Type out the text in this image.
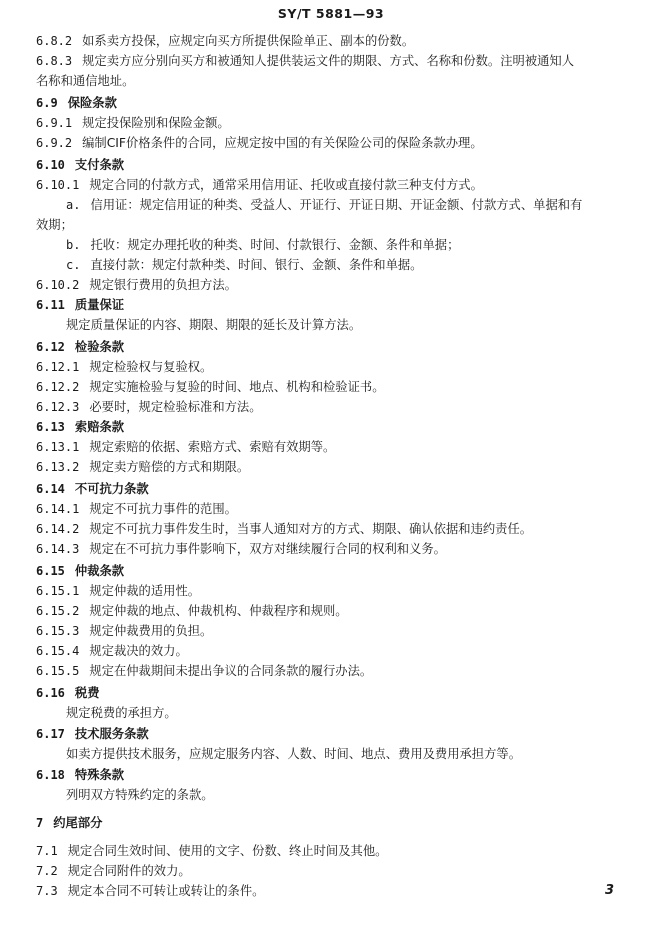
SY/T 5881—93
6.8.2 如系卖方投保，应规定向买方所提供保险单正、副本的份数。
6.8.3 规定卖方应分别向买方和被通知人提供装运文件的期限、方式、名称和份数。注明被通知人
名称和通信地址。
6.9 保险条款
6.9.1 规定投保险别和保险金额。
6.9.2 编制CIF价格条件的合同，应规定按中国的有关保险公司的保险条款办理。
6.10 支付条款
6.10.1 规定合同的付款方式，通常采用信用证、托收或直接付款三种支付方式。
a. 信用证：规定信用证的种类、受益人、开证行、开证日期、开证金额、付款方式、单据和有
效期；
b. 托收：规定办理托收的种类、时间、付款银行、金额、条件和单据；
c. 直接付款：规定付款种类、时间、银行、金额、条件和单据。
6.10.2 规定银行费用的负担方法。
6.11 质量保证
规定质量保证的内容、期限、期限的延长及计算方法。
6.12 检验条款
6.12.1 规定检验权与复验权。
6.12.2 规定实施检验与复验的时间、地点、机构和检验证书。
6.12.3 必要时，规定检验标准和方法。
6.13 索赔条款
6.13.1 规定索赔的依据、索赔方式、索赔有效期等。
6.13.2 规定卖方赔偿的方式和期限。
6.14 不可抗力条款
6.14.1 规定不可抗力事件的范围。
6.14.2 规定不可抗力事件发生时，当事人通知对方的方式、期限、确认依据和违约责任。
6.14.3 规定在不可抗力事件影响下，双方对继续履行合同的权利和义务。
6.15 仲裁条款
6.15.1 规定仲裁的适用性。
6.15.2 规定仲裁的地点、仲裁机构、仲裁程序和规则。
6.15.3 规定仲裁费用的负担。
6.15.4 规定裁决的效力。
6.15.5 规定在仲裁期间未提出争议的合同条款的履行办法。
6.16 税费
规定税费的承担方。
6.17 技术服务条款
如卖方提供技术服务，应规定服务内容、人数、时间、地点、费用及费用承担方等。
6.18 特殊条款
列明双方特殊约定的条款。
7 约尾部分
7.1 规定合同生效时间、使用的文字、份数、终止时间及其他。
7.2 规定合同附件的效力。
7.3 规定本合同不可转让或转让的条件。	3
